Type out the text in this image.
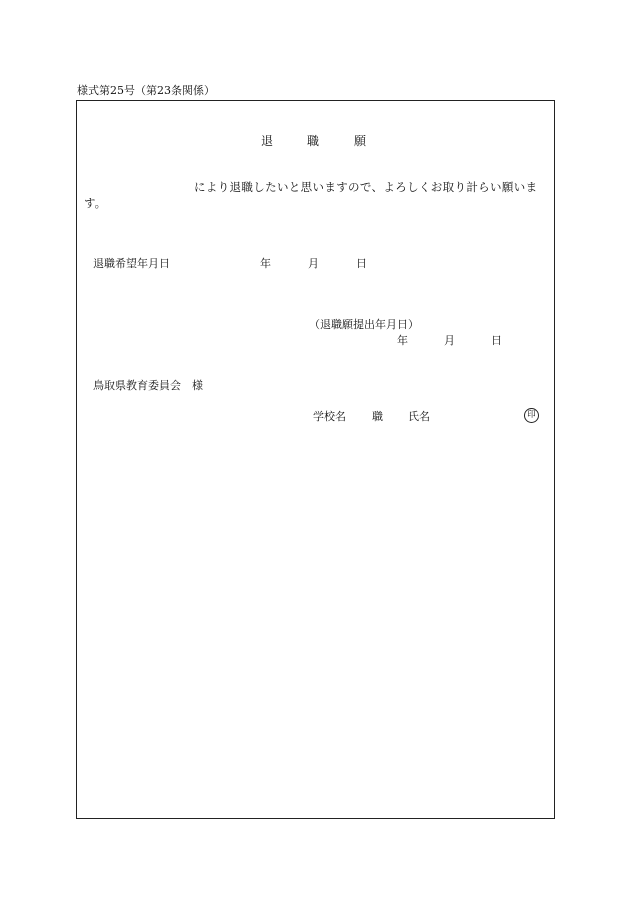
様式第25号（第23条関係）
退	職	願
により退職したいと思いますので、よろしくお取り計らい願いま
す。
退職希望年月日	年	月	日
（退職願提出年月日）
年	月	日
鳥取県教育委員会　様
学校名 職 氏名	印
